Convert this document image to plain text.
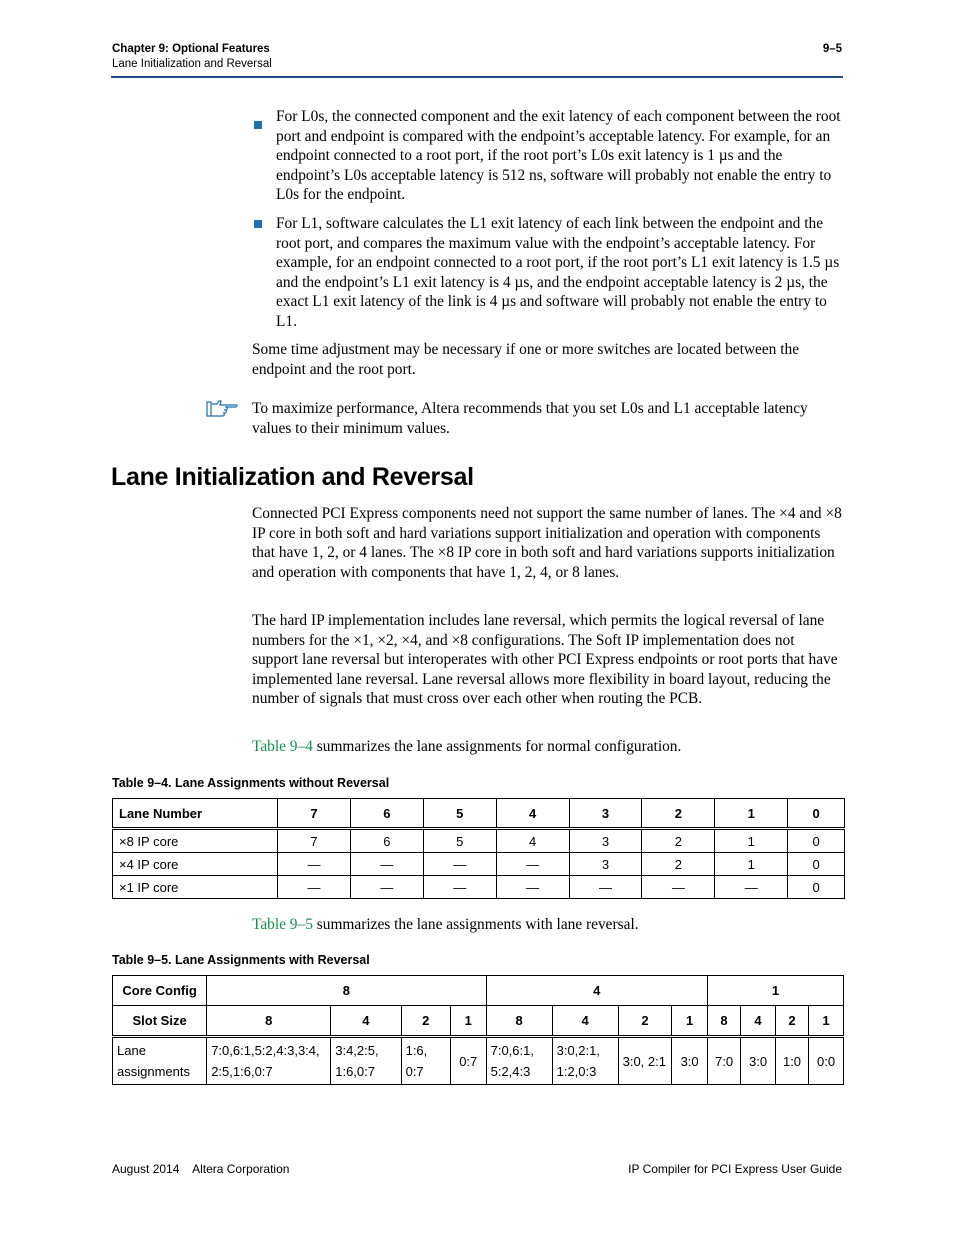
Chapter 9: Optional Features
Lane Initialization and Reversal
9–5
For L0s, the connected component and the exit latency of each component between the root port and endpoint is compared with the endpoint’s acceptable latency. For example, for an endpoint connected to a root port, if the root port’s L0s exit latency is 1 µs and the endpoint’s L0s acceptable latency is 512 ns, software will probably not enable the entry to L0s for the endpoint.
For L1, software calculates the L1 exit latency of each link between the endpoint and the root port, and compares the maximum value with the endpoint’s acceptable latency. For example, for an endpoint connected to a root port, if the root port’s L1 exit latency is 1.5 µs and the endpoint’s L1 exit latency is 4 µs, and the endpoint acceptable latency is 2 µs, the exact L1 exit latency of the link is 4 µs and software will probably not enable the entry to L1.
Some time adjustment may be necessary if one or more switches are located between the endpoint and the root port.
To maximize performance, Altera recommends that you set L0s and L1 acceptable latency values to their minimum values.
Lane Initialization and Reversal
Connected PCI Express components need not support the same number of lanes. The ×4 and ×8 IP core in both soft and hard variations support initialization and operation with components that have 1, 2, or 4 lanes. The ×8 IP core in both soft and hard variations supports initialization and operation with components that have 1, 2, 4, or 8 lanes.
The hard IP implementation includes lane reversal, which permits the logical reversal of lane numbers for the ×1, ×2, ×4, and ×8 configurations. The Soft IP implementation does not support lane reversal but interoperates with other PCI Express endpoints or root ports that have implemented lane reversal. Lane reversal allows more flexibility in board layout, reducing the number of signals that must cross over each other when routing the PCB.
Table 9–4 summarizes the lane assignments for normal configuration.
Table 9–4. Lane Assignments without Reversal
Lane Number	7	6	5	4	3	2	1	0
×8 IP core	7	6	5	4	3	2	1	0
×4 IP core	—	—	—	—	3	2	1	0
×1 IP core	—	—	—	—	—	—	—	0
Table 9–5 summarizes the lane assignments with lane reversal.
Table 9–5. Lane Assignments with Reversal
Core Config	8				4				1			
Slot Size	8	4	2	1	8	4	2	1	8	4	2	1
Lane assignments	7:0,6:1,5:2,4:3,3:4, 2:5,1:6,0:7	3:4,2:5, 1:6,0:7	1:6, 0:7	0:7	7:0,6:1, 5:2,4:3	3:0,2:1, 1:2,0:3	3:0, 2:1	3:0	7:0	3:0	1:0	0:0
August 2014    Altera Corporation	IP Compiler for PCI Express User Guide
